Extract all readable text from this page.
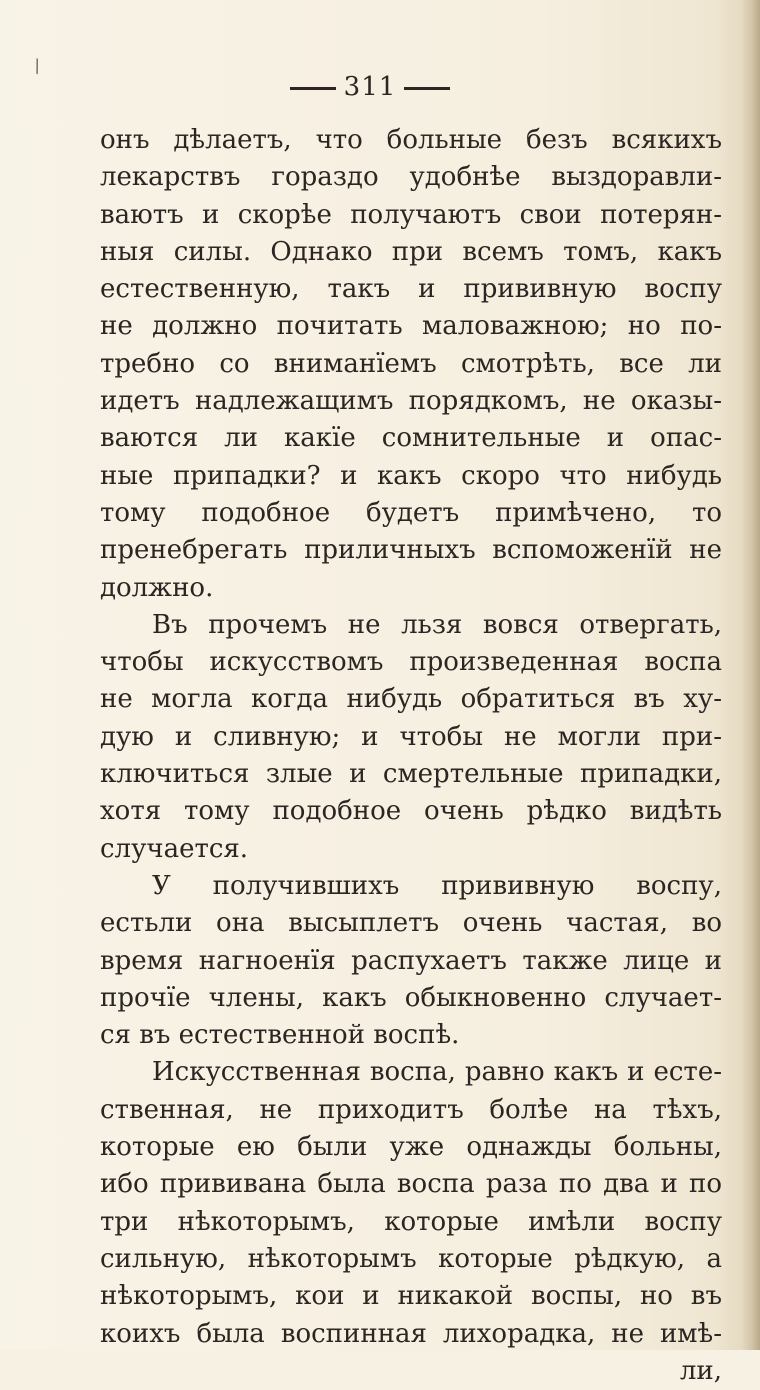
\
311
онъ дѣлаетъ, что больные безъ всякихъ
лекарствъ гораздо удобнѣе выздоравли-
ваютъ и скорѣе получаютъ свои потерян-
ныя силы. Однако при всемъ томъ, какъ
естественную, такъ и прививную воспу
не должно почитать маловажною; но по-
требно со вниманїемъ смотрѣть, все ли
идетъ надлежащимъ порядкомъ, не оказы-
ваются ли какїе сомнительные и опас-
ные припадки? и какъ скоро что нибудь
тому подобное будетъ примѣчено, то
пренебрегать приличныхъ вспоможенїй не
должно.
Въ прочемъ не льзя вовся отвергать,
чтобы искусствомъ произведенная воспа
не могла когда нибудь обратиться въ ху-
дую и сливную; и чтобы не могли при-
ключиться злые и смертельные припадки,
хотя тому подобное очень рѣдко видѣть
случается.
У получившихъ прививную воспу,
естьли она высыплетъ очень частая, во
время нагноенїя распухаетъ также лице и
прочїе члены, какъ обыкновенно случает-
ся въ естественной воспѣ.
Искусственная воспа, равно какъ и есте-
ственная, не приходитъ болѣе на тѣхъ,
которые ею были уже однажды больны,
ибо прививана была воспа раза по два и по
три нѣкоторымъ, которые имѣли воспу
сильную, нѣкоторымъ которые рѣдкую, а
нѣкоторымъ, кои и никакой воспы, но въ
коихъ была воспинная лихорадка, не имѣ-
ли,
